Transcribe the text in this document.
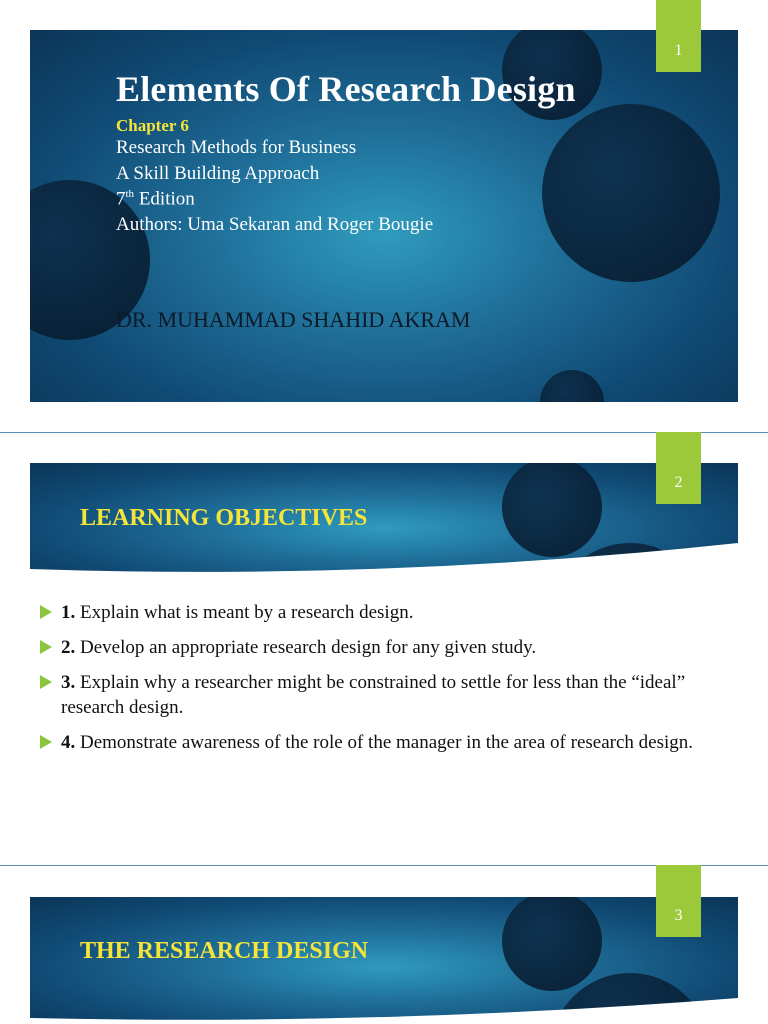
1
Elements Of Research Design
Chapter 6
Research Methods for Business
A Skill Building Approach
7th Edition
Authors: Uma Sekaran and Roger Bougie
DR. MUHAMMAD SHAHID AKRAM
2
LEARNING OBJECTIVES
1. Explain what is meant by a research design.
2. Develop an appropriate research design for any given study.
3. Explain why a researcher might be constrained to settle for less than the “ideal” research design.
4. Demonstrate awareness of the role of the manager in the area of research design.
3
THE RESEARCH DESIGN
